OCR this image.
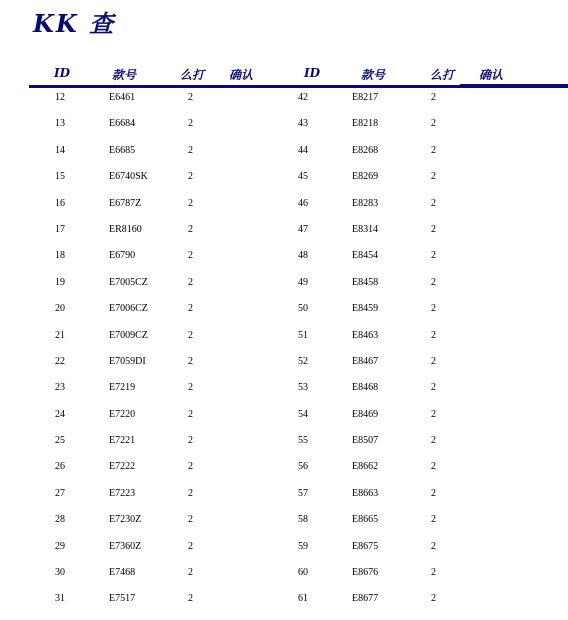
KK 查
ID	款号	么打 确认	ID	款号	么打 确认
12	E6461	2	42	E8217	2
13	E6684	2	43	E8218	2
14	E6685	2	44	E8268	2
15	E6740SK	2	45	E8269	2
16	E6787Z	2	46	E8283	2
17	ER8160	2	47	E8314	2
18	E6790	2	48	E8454	2
19	E7005CZ	2	49	E8458	2
20	E7006CZ	2	50	E8459	2
21	E7009CZ	2	51	E8463	2
22	E7059DI	2	52	E8467	2
23	E7219	2	53	E8468	2
24	E7220	2	54	E8469	2
25	E7221	2	55	E8507	2
26	E7222	2	56	E8662	2
27	E7223	2	57	E8663	2
28	E7230Z	2	58	E8665	2
29	E7360Z	2	59	E8675	2
30	E7468	2	60	E8676	2
31	E7517	2	61	E8677	2
